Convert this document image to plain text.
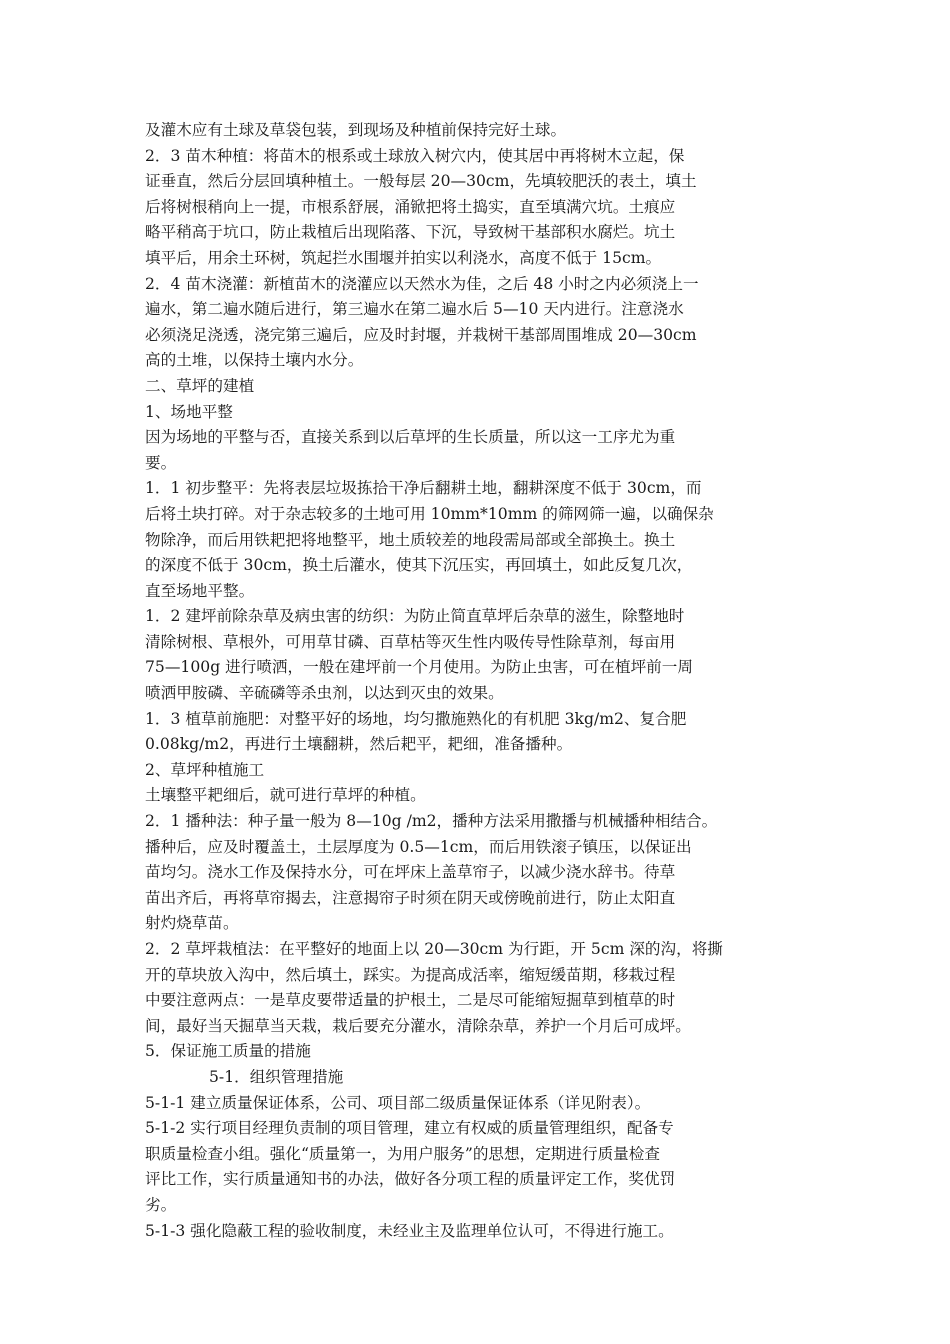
及灌木应有土球及草袋包装，到现场及种植前保持完好土球。
2．3 苗木种植：将苗木的根系或土球放入树穴内，使其居中再将树木立起，保
证垂直，然后分层回填种植土。一般每层 20—30cm，先填较肥沃的表土，填土
后将树根稍向上一提，市根系舒展，涌锨把将土捣实，直至填满穴坑。土痕应
略平稍高于坑口，防止栽植后出现陷落、下沉，导致树干基部积水腐烂。坑土
填平后，用余土环树，筑起拦水围堰并拍实以利浇水，高度不低于 15cm。
2．4 苗木浇灌：新植苗木的浇灌应以天然水为佳，之后 48 小时之内必须浇上一
遍水，第二遍水随后进行，第三遍水在第二遍水后 5—10 天内进行。注意浇水
必须浇足浇透，浇完第三遍后，应及时封堰，并栽树干基部周围堆成 20—30cm
高的土堆，以保持土壤内水分。
二、草坪的建植
1、场地平整
因为场地的平整与否，直接关系到以后草坪的生长质量，所以这一工序尤为重
要。
1．1 初步整平：先将表层垃圾拣拾干净后翻耕土地，翻耕深度不低于 30cm，而
后将土块打碎。对于杂志较多的土地可用 10mm*10mm 的筛网筛一遍，以确保杂
物除净，而后用铁耙把将地整平，地土质较差的地段需局部或全部换土。换土
的深度不低于 30cm，换土后灌水，使其下沉压实，再回填土，如此反复几次，
直至场地平整。
1．2 建坪前除杂草及病虫害的纺织：为防止简直草坪后杂草的滋生，除整地时
清除树根、草根外，可用草甘磷、百草枯等灭生性内吸传导性除草剂，每亩用
75—100g 进行喷洒，一般在建坪前一个月使用。为防止虫害，可在植坪前一周
喷洒甲胺磷、辛硫磷等杀虫剂，以达到灭虫的效果。
1．3 植草前施肥：对整平好的场地，均匀撒施熟化的有机肥 3kg/m2、复合肥
0.08kg/m2，再进行土壤翻耕，然后耙平，耙细，准备播种。
2、草坪种植施工
土壤整平耙细后，就可进行草坪的种植。
2．1 播种法：种子量一般为 8—10g /m2，播种方法采用撒播与机械播种相结合。
播种后，应及时覆盖土，土层厚度为 0.5—1cm，而后用铁滚子镇压，以保证出
苗均匀。浇水工作及保持水分，可在坪床上盖草帘子，以减少浇水辞书。待草
苗出齐后，再将草帘揭去，注意揭帘子时须在阴天或傍晚前进行，防止太阳直
射灼烧草苗。
2．2 草坪栽植法：在平整好的地面上以 20—30cm 为行距，开 5cm 深的沟，将撕
开的草块放入沟中，然后填土，踩实。为提高成活率，缩短缓苗期，移栽过程
中要注意两点：一是草皮要带适量的护根土，二是尽可能缩短掘草到植草的时
间，最好当天掘草当天栽，栽后要充分灌水，清除杂草，养护一个月后可成坪。
5．保证施工质量的措施
5-1．组织管理措施
5-1-1 建立质量保证体系，公司、项目部二级质量保证体系（详见附表）。
5-1-2 实行项目经理负责制的项目管理，建立有权威的质量管理组织，配备专
职质量检查小组。强化“质量第一，为用户服务”的思想，定期进行质量检查
评比工作，实行质量通知书的办法，做好各分项工程的质量评定工作，奖优罚
劣。
5-1-3 强化隐蔽工程的验收制度，未经业主及监理单位认可，不得进行施工。
